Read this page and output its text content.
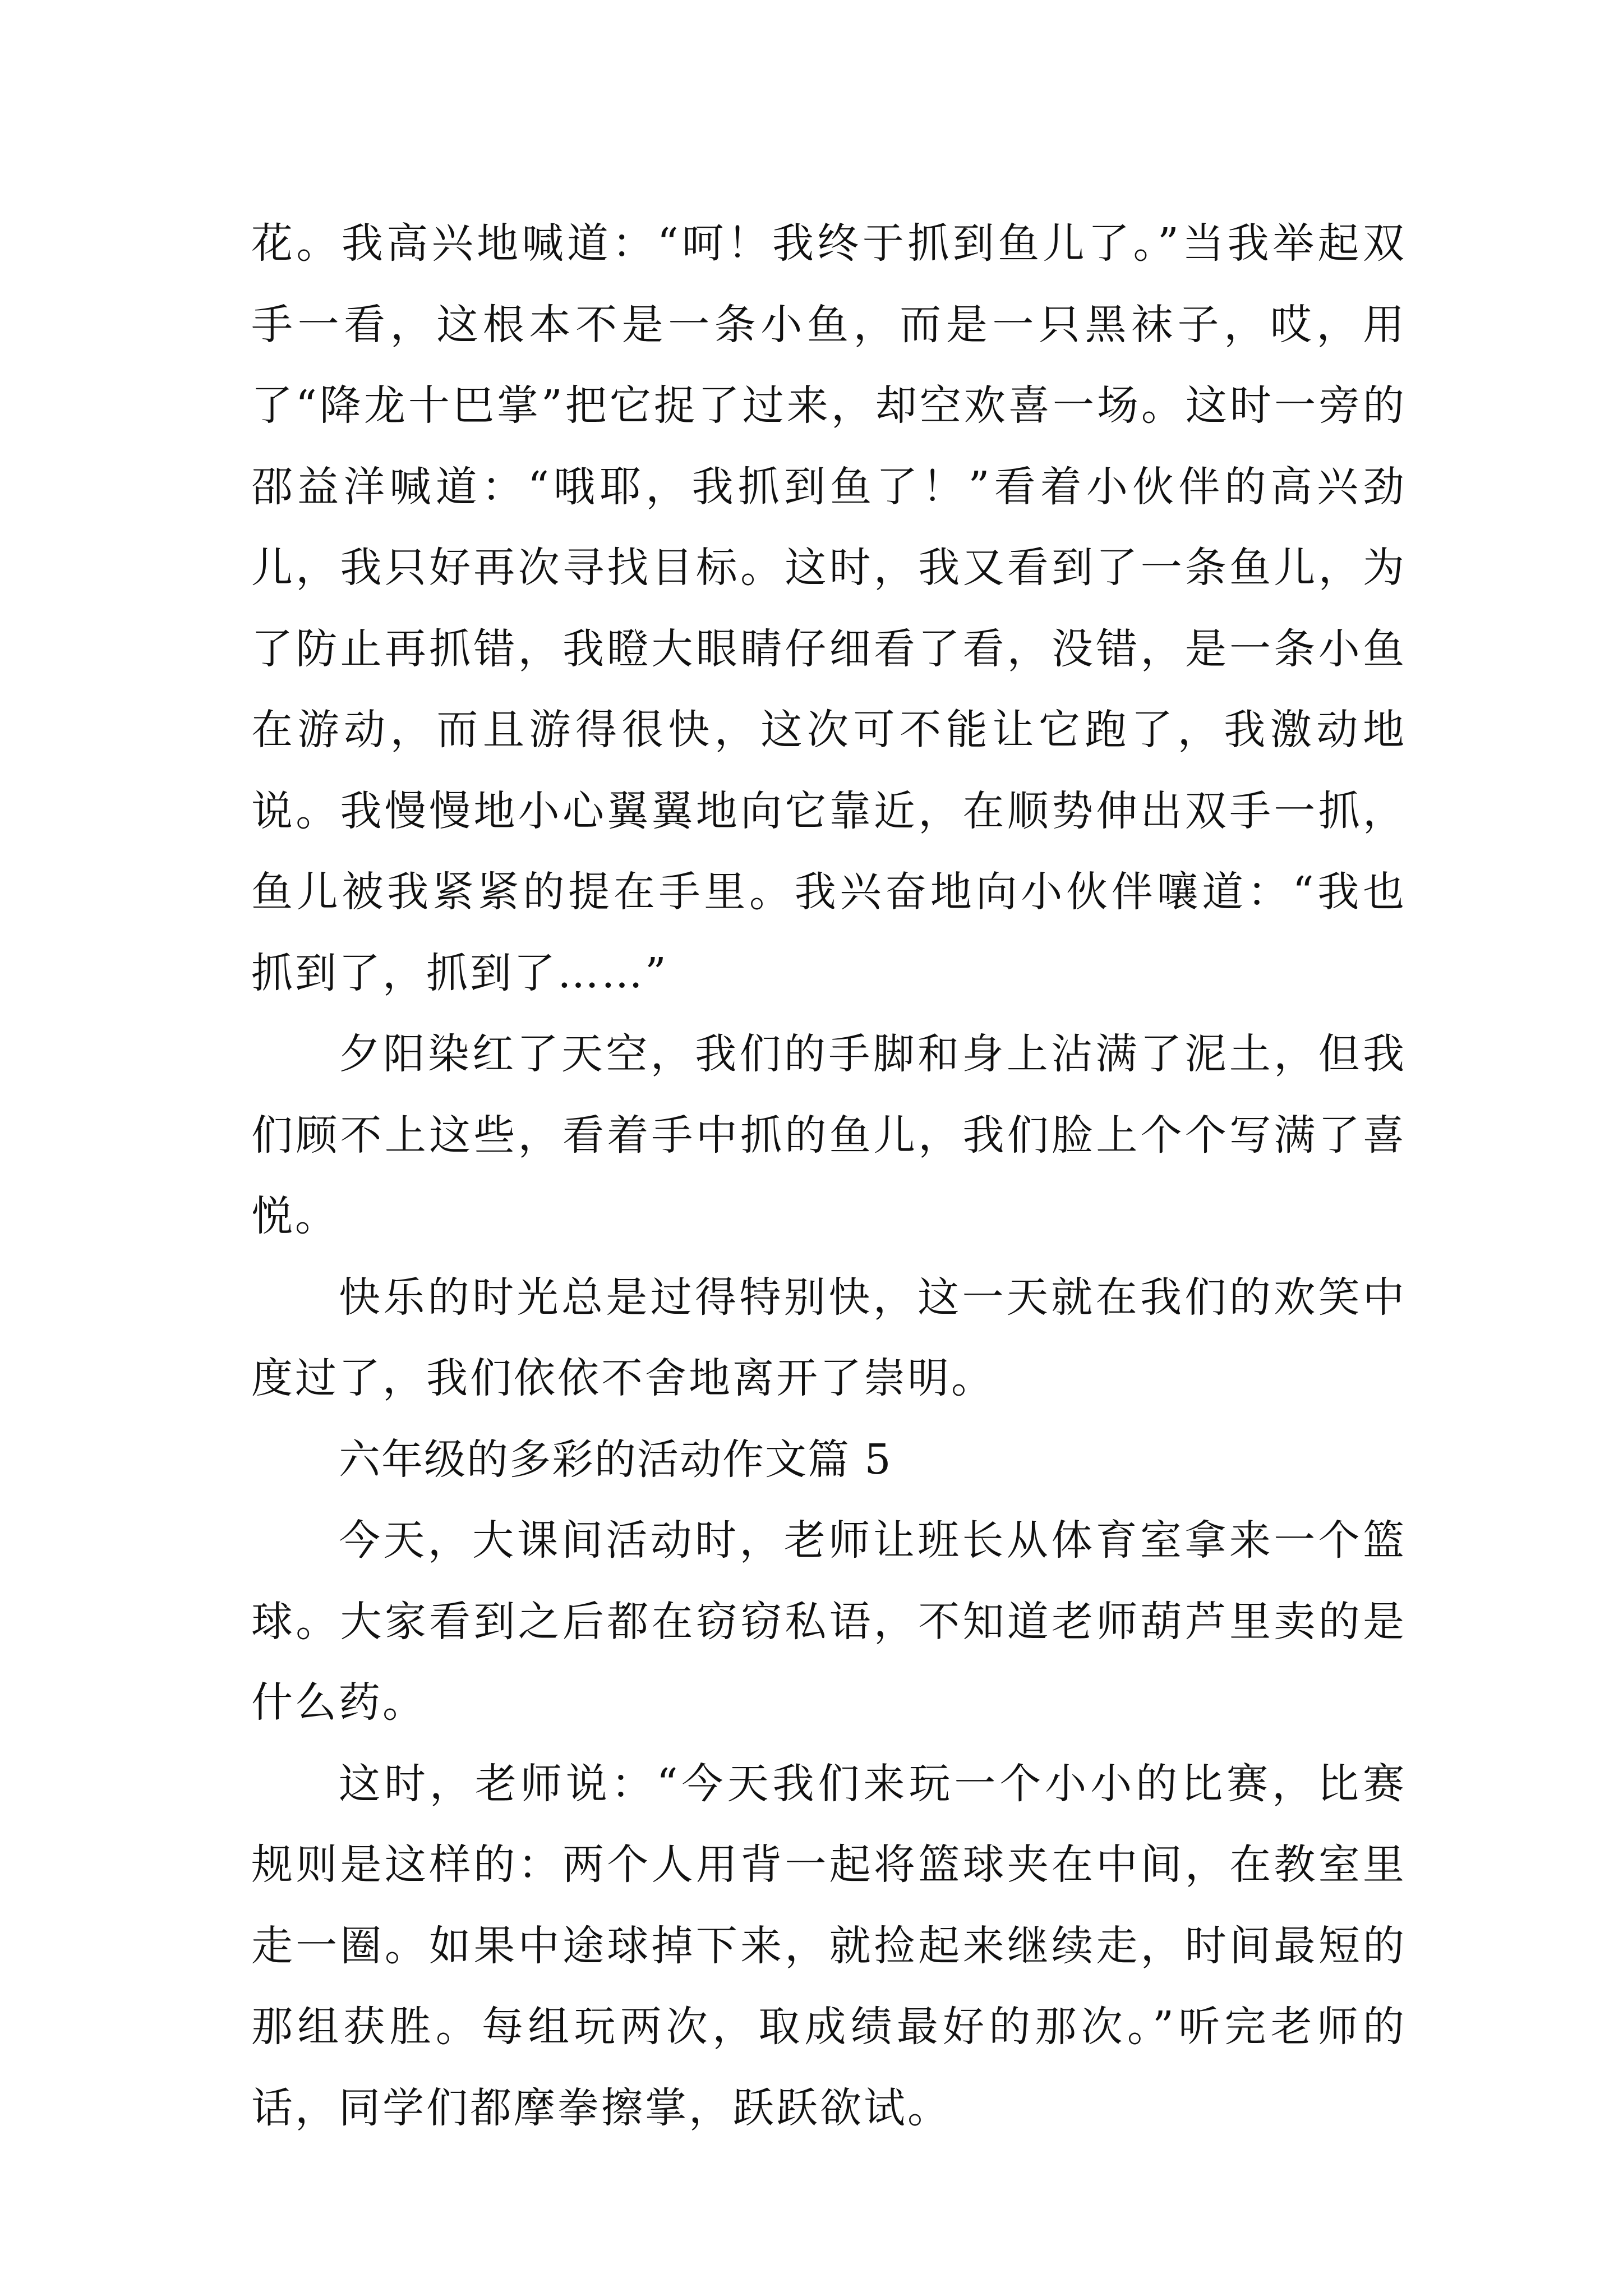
花。我高兴地喊道：“呵！我终于抓到鱼儿了。”当我举起双手一看，这根本不是一条小鱼，而是一只黑袜子，哎，用了“降龙十巴掌”把它捉了过来，却空欢喜一场。这时一旁的邵益洋喊道：“哦耶，我抓到鱼了！”看着小伙伴的高兴劲儿，我只好再次寻找目标。这时，我又看到了一条鱼儿，为了防止再抓错，我瞪大眼睛仔细看了看，没错，是一条小鱼在游动，而且游得很快，这次可不能让它跑了，我激动地说。我慢慢地小心翼翼地向它靠近，在顺势伸出双手一抓，鱼儿被我紧紧的提在手里。我兴奋地向小伙伴嚷道：“我也抓到了，抓到了……”

夕阳染红了天空，我们的手脚和身上沾满了泥土，但我们顾不上这些，看着手中抓的鱼儿，我们脸上个个写满了喜悦。

快乐的时光总是过得特别快，这一天就在我们的欢笑中度过了，我们依依不舍地离开了崇明。

六年级的多彩的活动作文篇 5

今天，大课间活动时，老师让班长从体育室拿来一个篮球。大家看到之后都在窃窃私语，不知道老师葫芦里卖的是什么药。

这时，老师说：“今天我们来玩一个小小的比赛，比赛规则是这样的：两个人用背一起将篮球夹在中间，在教室里走一圈。如果中途球掉下来，就捡起来继续走，时间最短的那组获胜。每组玩两次，取成绩最好的那次。”听完老师的话，同学们都摩拳擦掌，跃跃欲试。
